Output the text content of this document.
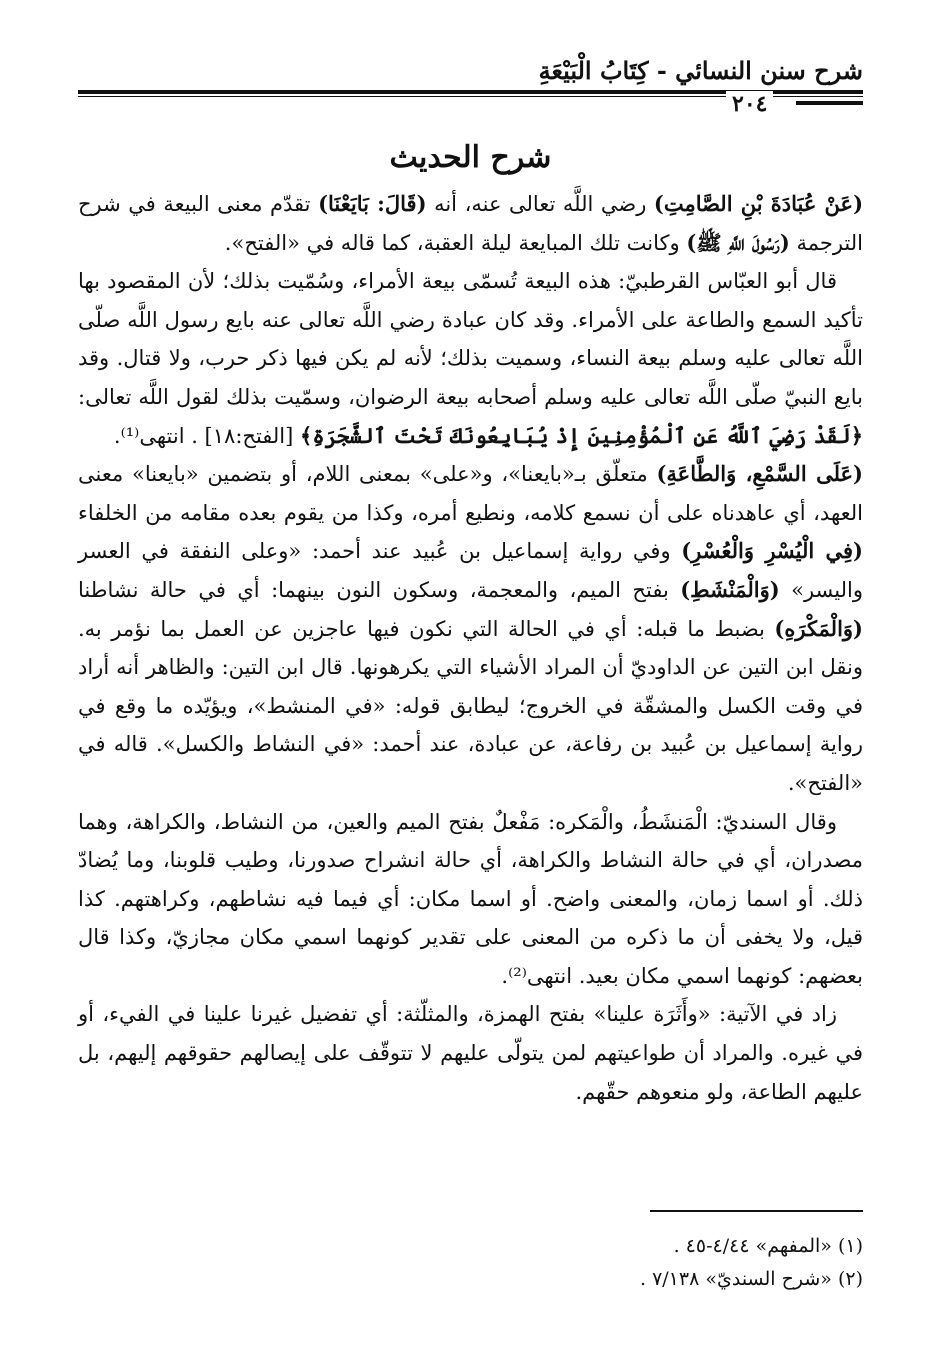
شرح سنن النسائي - كِتَابُ الْبَيْعَةِ
٢٠٤
شرح الحديث

(عَنْ عُبَادَةَ بْنِ الصَّامِتِ) رضي اللَّه تعالى عنه، أنه (قَالَ: بَايَعْنَا) تقدّم معنى البيعة في شرح الترجمة (رَسُولَ اللَّهِ ﷺ) وكانت تلك المبايعة ليلة العقبة، كما قاله في «الفتح».

قال أبو العبّاس القرطبيّ: هذه البيعة تُسمّى بيعة الأمراء، وسُمّيت بذلك؛ لأن المقصود بها تأكيد السمع والطاعة على الأمراء. وقد كان عبادة رضي اللَّه تعالى عنه بايع رسول اللَّه صلّى اللَّه تعالى عليه وسلم بيعة النساء، وسميت بذلك؛ لأنه لم يكن فيها ذكر حرب، ولا قتال. وقد بايع النبيّ صلّى اللَّه تعالى عليه وسلم أصحابه بيعة الرضوان، وسمّيت بذلك لقول اللَّه تعالى: ﴿لَقَدْ رَضِيَ ٱللَّهُ عَنِ ٱلْمُؤْمِنِينَ إِذْ يُبَايِعُونَكَ تَحْتَ ٱلشَّجَرَةِ﴾ [الفتح:١٨] . انتهى⁽¹⁾.

(عَلَى السَّمْعِ، وَالطَّاعَةِ) متعلّق بـ«بايعنا»، و«على» بمعنى اللام، أو بتضمين «بايعنا» معنى العهد، أي عاهدناه على أن نسمع كلامه، ونطيع أمره، وكذا من يقوم بعده مقامه من الخلفاء (فِي الْيُسْرِ وَالْعُسْرِ) وفي رواية إسماعيل بن عُبيد عند أحمد: «وعلى النفقة في العسر واليسر» (وَالْمَنْشَطِ) بفتح الميم، والمعجمة، وسكون النون بينهما: أي في حالة نشاطنا (وَالْمَكْرَهِ) بضبط ما قبله: أي في الحالة التي نكون فيها عاجزين عن العمل بما نؤمر به. ونقل ابن التين عن الداوديّ أن المراد الأشياء التي يكرهونها. قال ابن التين: والظاهر أنه أراد في وقت الكسل والمشقّة في الخروج؛ ليطابق قوله: «في المنشط»، ويؤيّده ما وقع في رواية إسماعيل بن عُبيد بن رفاعة، عن عبادة، عند أحمد: «في النشاط والكسل». قاله في «الفتح».

وقال السنديّ: الْمَنشَطُ، والْمَكره: مَفْعلٌ بفتح الميم والعين، من النشاط، والكراهة، وهما مصدران، أي في حالة النشاط والكراهة، أي حالة انشراح صدورنا، وطيب قلوبنا، وما يُضادّ ذلك. أو اسما زمان، والمعنى واضح. أو اسما مكان: أي فيما فيه نشاطهم، وكراهتهم. كذا قيل، ولا يخفى أن ما ذكره من المعنى على تقدير كونهما اسمي مكان مجازيّ، وكذا قال بعضهم: كونهما اسمي مكان بعيد. انتهى⁽²⁾.

زاد في الآتية: «وأَثَرَة علينا» بفتح الهمزة، والمثلّثة: أي تفضيل غيرنا علينا في الفيء، أو في غيره. والمراد أن طواعيتهم لمن يتولّى عليهم لا تتوقّف على إيصالهم حقوقهم إليهم، بل عليهم الطاعة، ولو منعوهم حقّهم.

(١) «المفهم» ٤/٤٤-٤٥ .
(٢) «شرح السنديّ» ٧/١٣٨ .
